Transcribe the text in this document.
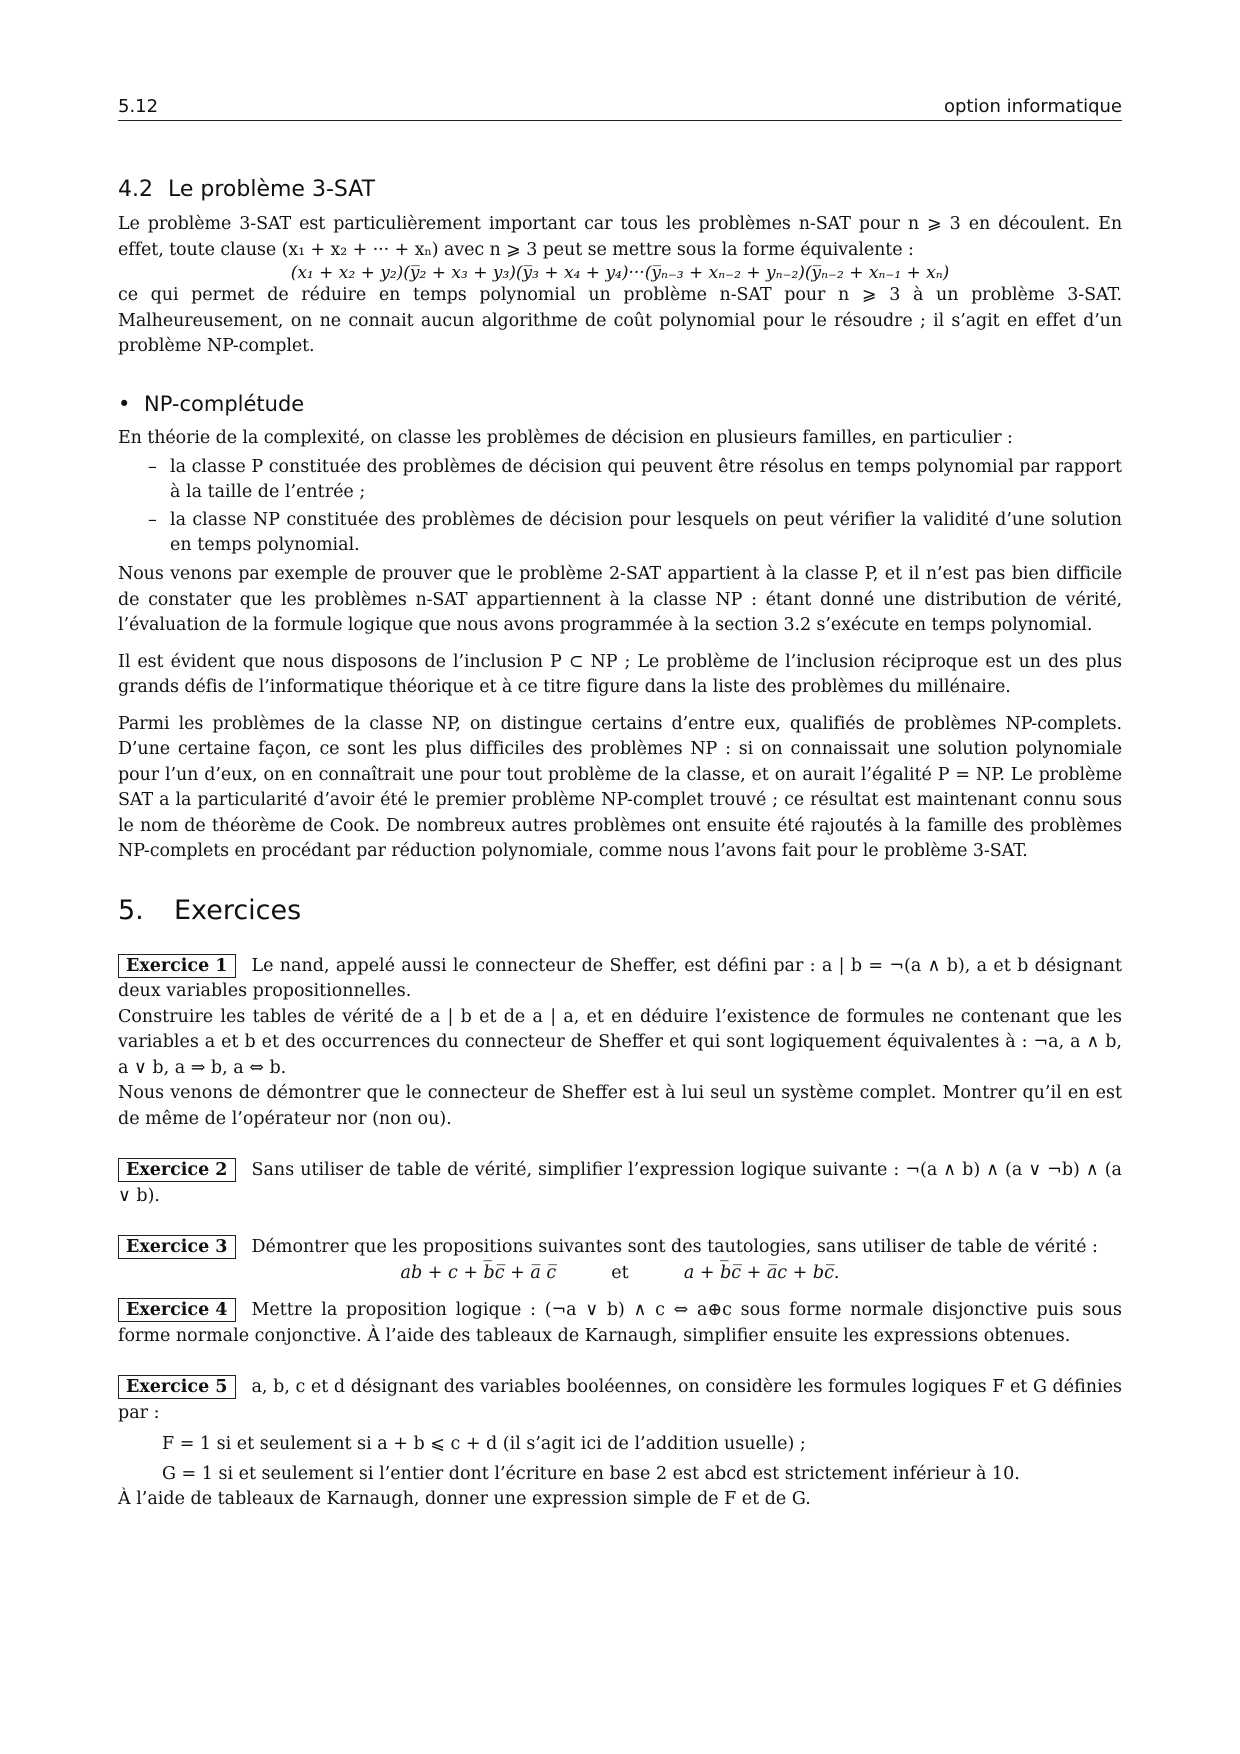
5.12	option informatique
4.2 Le problème 3-SAT

Le problème 3-SAT est particulièrement important car tous les problèmes n-SAT pour n ⩾ 3 en découlent. En effet, toute clause (x₁ + x₂ + ··· + xₙ) avec n ⩾ 3 peut se mettre sous la forme équivalente :

(x₁ + x₂ + y₂)(y̅₂ + x₃ + y₃)(y̅₃ + x₄ + y₄)···(y̅ₙ₋₃ + xₙ₋₂ + yₙ₋₂)(y̅ₙ₋₂ + xₙ₋₁ + xₙ)

ce qui permet de réduire en temps polynomial un problème n-SAT pour n ⩾ 3 à un problème 3-SAT. Malheureusement, on ne connait aucun algorithme de coût polynomial pour le résoudre ; il s’agit en effet d’un problème NP-complet.

• NP-complétude

En théorie de la complexité, on classe les problèmes de décision en plusieurs familles, en particulier :

– la classe P constituée des problèmes de décision qui peuvent être résolus en temps polynomial par rapport à la taille de l’entrée ;
– la classe NP constituée des problèmes de décision pour lesquels on peut vérifier la validité d’une solution en temps polynomial.

Nous venons par exemple de prouver que le problème 2-SAT appartient à la classe P, et il n’est pas bien difficile de constater que les problèmes n-SAT appartiennent à la classe NP : étant donné une distribution de vérité, l’évaluation de la formule logique que nous avons programmée à la section 3.2 s’exécute en temps polynomial.

Il est évident que nous disposons de l’inclusion P ⊂ NP ; Le problème de l’inclusion réciproque est un des plus grands défis de l’informatique théorique et à ce titre figure dans la liste des problèmes du millénaire.

Parmi les problèmes de la classe NP, on distingue certains d’entre eux, qualifiés de problèmes NP-complets. D’une certaine façon, ce sont les plus difficiles des problèmes NP : si on connaissait une solution polynomiale pour l’un d’eux, on en connaîtrait une pour tout problème de la classe, et on aurait l’égalité P = NP. Le problème SAT a la particularité d’avoir été le premier problème NP-complet trouvé ; ce résultat est maintenant connu sous le nom de théorème de Cook. De nombreux autres problèmes ont ensuite été rajoutés à la famille des problèmes NP-complets en procédant par réduction polynomiale, comme nous l’avons fait pour le problème 3-SAT.

5. Exercices

Exercice 1 Le nand, appelé aussi le connecteur de Sheffer, est défini par : a | b = ¬(a ∧ b), a et b désignant deux variables propositionnelles.

Construire les tables de vérité de a | b et de a | a, et en déduire l’existence de formules ne contenant que les variables a et b et des occurrences du connecteur de Sheffer et qui sont logiquement équivalentes à : ¬a, a ∧ b, a ∨ b, a ⇒ b, a ⇔ b.

Nous venons de démontrer que le connecteur de Sheffer est à lui seul un système complet. Montrer qu’il en est de même de l’opérateur nor (non ou).

Exercice 2 Sans utiliser de table de vérité, simplifier l’expression logique suivante : ¬(a ∧ b) ∧ (a ∨ ¬b) ∧ (a ∨ b).

Exercice 3 Démontrer que les propositions suivantes sont des tautologies, sans utiliser de table de vérité :

ab + c + b̅c̅ + a̅ c̅	et	a + b̅c̅ + a̅c + bc̅.

Exercice 4 Mettre la proposition logique : (¬a ∨ b) ∧ c ⇔ a⊕c sous forme normale disjonctive puis sous forme normale conjonctive. À l’aide des tableaux de Karnaugh, simplifier ensuite les expressions obtenues.

Exercice 5 a, b, c et d désignant des variables booléennes, on considère les formules logiques F et G définies par :

F = 1 si et seulement si a + b ⩽ c + d (il s’agit ici de l’addition usuelle) ;

G = 1 si et seulement si l’entier dont l’écriture en base 2 est abcd est strictement inférieur à 10.

À l’aide de tableaux de Karnaugh, donner une expression simple de F et de G.
